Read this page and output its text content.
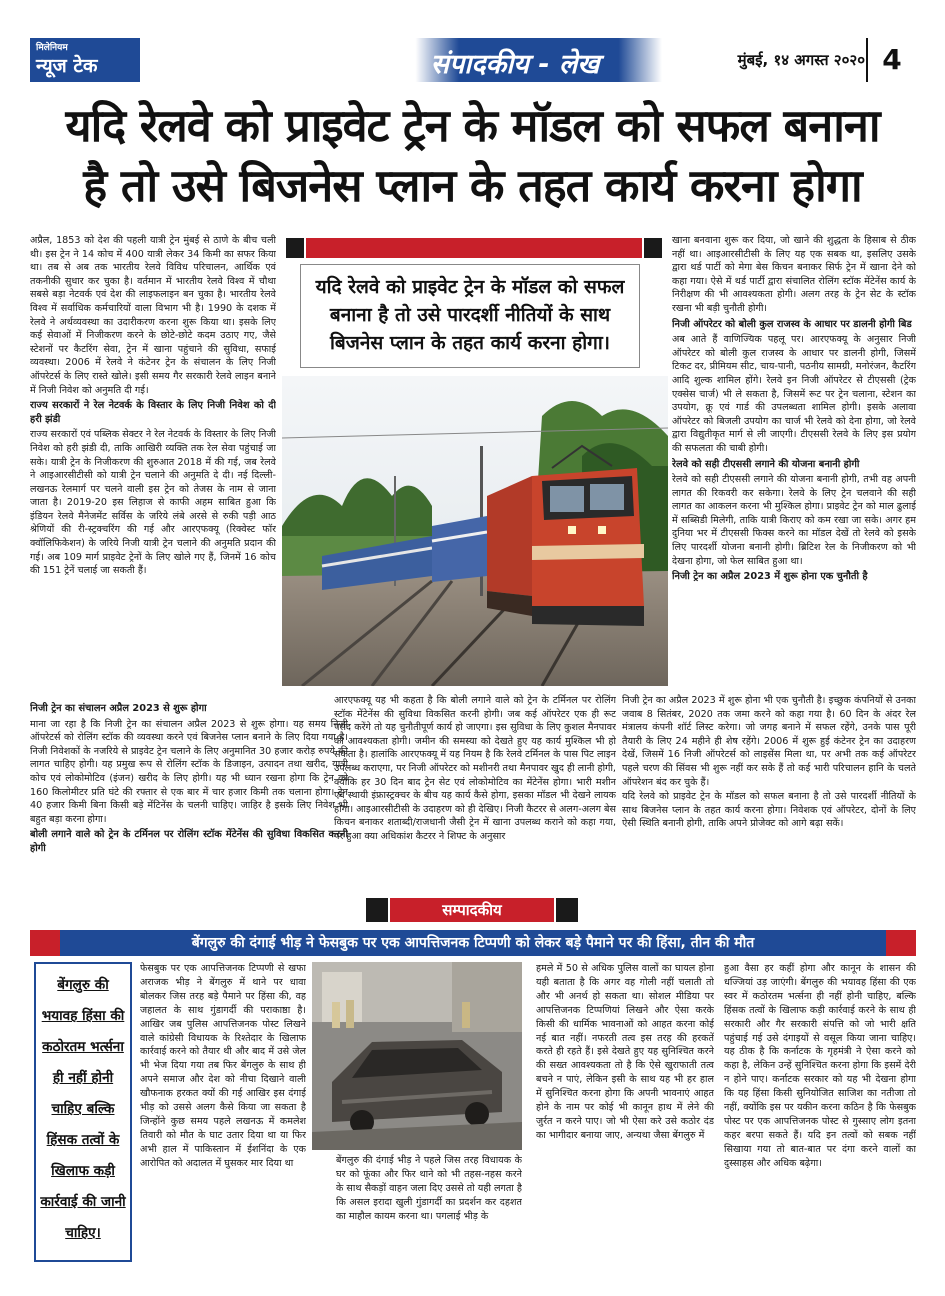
मिलेनियम
न्यूज टेक	संपादकीय - लेख	मुंबई, १४ अगस्त २०२० 4
यदि रेलवे को प्राइवेट ट्रेन के मॉडल को सफल बनाना
है तो उसे बिजनेस प्लान के तहत कार्य करना होगा

अप्रैल, 1853 को देश की पहली यात्री ट्रेन मुंबई से ठाणे के बीच चली थी। इस ट्रेन ने 14 कोच में 400 यात्री लेकर 34 किमी का सफर किया था। तब से अब तक भारतीय रेलवे विविध परिचालन, आर्थिक एवं तकनीकी सुधार कर चुका है। वर्तमान में भारतीय रेलवे विश्व में चौथा सबसे बड़ा नेटवर्क एवं देश की लाइफलाइन बन चुका है। भारतीय रेलवे विश्व में सर्वाधिक कर्मचारियों वाला विभाग भी है। 1990 के दशक में रेलवे ने अर्थव्यवस्था का उदारीकरण करना शुरू किया था। इसके लिए कई सेवाओं में निजीकरण करने के छोटे-छोटे कदम उठाए गए, जैसे स्टेशनों पर कैटरिंग सेवा, ट्रेन में खाना पहुंचाने की सुविधा, सफाई व्यवस्था। 2006 में रेलवे ने कंटेनर ट्रेन के संचालन के लिए निजी ऑपरेटर्स के लिए रास्ते खोले। इसी समय गैर सरकारी रेलवे लाइन बनाने में निजी निवेश को अनुमति दी गई।

राज्य सरकारों ने रेल नेटवर्क के विस्तार के लिए निजी निवेश को दी हरी झंडी

राज्य सरकारों एवं पब्लिक सेक्टर ने रेल नेटवर्क के विस्तार के लिए निजी निवेश को हरी झंडी दी, ताकि आखिरी व्यक्ति तक रेल सेवा पहुंचाई जा सके। यात्री ट्रेन के निजीकरण की शुरुआत 2018 में की गई, जब रेलवे ने आइआरसीटीसी को यात्री ट्रेन चलाने की अनुमति दे दी। नई दिल्ली-लखनऊ रेलमार्ग पर चलने वाली इस ट्रेन को तेजस के नाम से जाना जाता है। 2019-20 इस लिहाज से काफी अहम साबित हुआ कि इंडियन रेलवे मैनेजमेंट सर्विस के जरिये लंबे अरसे से रुकी पड़ी आठ श्रेणियों की री-स्ट्रक्चरिंग की गई और आरएफक्यू (रिक्वेस्ट फॉर क्वॉलिफिकेशन) के जरिये निजी यात्री ट्रेन चलाने की अनुमति प्रदान की गई। अब 109 मार्ग प्राइवेट ट्रेनों के लिए खोले गए हैं, जिनमें 16 कोच की 151 ट्रेनें चलाई जा सकती हैं।

निजी ट्रेन का संचालन अप्रैल 2023 से शुरू होगा

माना जा रहा है कि निजी ट्रेन का संचालन अप्रैल 2023 से शुरू होगा। यह समय निजी ऑपरेटर्स को रोलिंग स्टॉक की व्यवस्था करने एवं बिजनेस प्लान बनाने के लिए दिया गया है। निजी निवेशकों के नजरिये से प्राइवेट ट्रेन चलाने के लिए अनुमानित 30 हजार करोड़ रुपये की लागत चाहिए होगी। यह प्रमुख रूप से रोलिंग स्टॉक के डिजाइन, उत्पादन तथा खरीद, यात्री कोच एवं लोकोमोटिव (इंजन) खरीद के लिए होगी। यह भी ध्यान रखना होगा कि ट्रेन को 160 किलोमीटर प्रति घंटे की रफ्तार से एक बार में चार हजार किमी तक चलाना होगा। ट्रेन 40 हजार किमी बिना किसी बड़े मेंटिनेंस के चलनी चाहिए। जाहिर है इसके लिए निवेश भी बहुत बड़ा करना होगा।

बोली लगाने वाले को ट्रेन के टर्मिनल पर रोलिंग स्टॉक मेंटेनेंस की सुविधा विकसित करनी होगी
यदि रेलवे को प्राइवेट ट्रेन के मॉडल को सफल
बनाना है तो उसे पारदर्शी नीतियों के साथ
बिजनेस प्लान के तहत कार्य करना होगा।

आरएफक्यू यह भी कहता है कि बोली लगाने वाले को ट्रेन के टर्मिनल पर रोलिंग स्टॉक मेंटेनेंस की सुविधा विकसित करनी होगी। जब कई ऑपरेटर एक ही रूट पसंद करेंगे तो यह चुनौतीपूर्ण कार्य हो जाएगा। इस सुविधा के लिए कुशल मैनपावर की आवश्यकता होगी। जमीन की समस्या को देखते हुए यह कार्य मुश्किल भी हो सकता है। हालांकि आरएफक्यू में यह नियम है कि रेलवे टर्मिनल के पास पिट लाइन उपलब्ध कराएगा, पर निजी ऑपरेटर को मशीनरी तथा मैनपावर खुद ही लानी होगी, क्योंकि हर 30 दिन बाद ट्रेन सेट एवं लोकोमोटिव का मेंटेनेंस होगा। भारी मशीन एवं स्थायी इंफ्रास्ट्रक्चर के बीच यह कार्य कैसे होगा, इसका मॉडल भी देखने लायक होगा। आइआरसीटीसी के उदाहरण को ही देखिए। निजी कैटरर से अलग-अलग बेस किचन बनाकर शताब्दी/राजधानी जैसी ट्रेन में खाना उपलब्ध कराने को कहा गया, पर हुआ क्या अधिकांश कैटरर ने शिफ्ट के अनुसार

खाना बनवाना शुरू कर दिया, जो खाने की शुद्धता के हिसाब से ठीक नहीं था। आइआरसीटीसी के लिए यह एक सबक था, इसलिए उसके द्वारा थर्ड पार्टी को मेगा बेस किचन बनाकर सिर्फ ट्रेन में खाना देने को कहा गया। ऐसे में थर्ड पार्टी द्वारा संचालित रोलिंग स्टॉक मेंटेनेंस कार्य के निरीक्षण की भी आवश्यकता होगी। अलग तरह के ट्रेन सेट के स्टॉक रखना भी बड़ी चुनौती होगी।

निजी ऑपरेटर को बोली कुल राजस्व के आधार पर डालनी होगी बिड

अब आते हैं वाणिज्यिक पहलू पर। आरएफक्यू के अनुसार निजी ऑपरेटर को बोली कुल राजस्व के आधार पर डालनी होगी, जिसमें टिकट दर, प्रीमियम सीट, चाय-पानी, पठनीय सामग्री, मनोरंजन, कैटरिंग आदि शुल्क शामिल होंगे। रेलवे इन निजी ऑपरेटर से टीएससी (ट्रेक एक्सेस चार्ज) भी ले सकता है, जिसमें रूट पर ट्रेन चलाना, स्टेशन का उपयोग, क्रू एवं गार्ड की उपलब्धता शामिल होगी। इसके अलावा ऑपरेटर को बिजली उपयोग का चार्ज भी रेलवे को देना होगा, जो रेलवे द्वारा विद्युतीकृत मार्ग से ली जाएगी। टीएससी रेलवे के लिए इस प्रयोग की सफलता की चाबी होगी।

रेलवे को सही टीएससी लगाने की योजना बनानी होगी

रेलवे को सही टीएससी लगाने की योजना बनानी होगी, तभी वह अपनी लागत की रिकवरी कर सकेगा। रेलवे के लिए ट्रेन चलवाने की सही लागत का आकलन करना भी मुश्किल होगा। प्राइवेट ट्रेन को माल ढुलाई में सब्सिडी मिलेगी, ताकि यात्री किराए को कम रखा जा सके। अगर हम दुनिया भर में टीएससी फिक्स करने का मॉडल देखें तो रेलवे को इसके लिए पारदर्शी योजना बनानी होगी। ब्रिटिश रेल के निजीकरण को भी देखना होगा, जो फेल साबित हुआ था।

निजी ट्रेन का अप्रैल 2023 में शुरू होना एक चुनौती है

निजी ट्रेन का अप्रैल 2023 में शुरू होना भी एक चुनौती है। इच्छुक कंपनियों से उनका जवाब 8 सितंबर, 2020 तक जमा करने को कहा गया है। 60 दिन के अंदर रेल मंत्रालय कंपनी शॉर्ट लिस्ट करेगा। जो जगह बनाने में सफल रहेंगे, उनके पास पूरी तैयारी के लिए 24 महीने ही शेष रहेंगे। 2006 में शुरू हुई कंटेनर ट्रेन का उदाहरण देखें, जिसमें 16 निजी ऑपरेटर्स को लाइसेंस मिला था, पर अभी तक कई ऑपरेटर पहले चरण की सिंवस भी शुरू नहीं कर सके हैं तो कई भारी परिचालन हानि के चलते ऑपरेशन बंद कर चुके हैं।

यदि रेलवे को प्राइवेट ट्रेन के मॉडल को सफल बनाना है तो उसे पारदर्शी नीतियों के साथ बिजनेस प्लान के तहत कार्य करना होगा। निवेशक एवं ऑपरेटर, दोनों के लिए ऐसी स्थिति बनानी होगी, ताकि अपने प्रोजेक्ट को आगे बढ़ा सकें।

सम्पादकीय
बेंगलुरु की दंगाई भीड़ ने फेसबुक पर एक आपत्तिजनक टिप्पणी को लेकर बड़े पैमाने पर की हिंसा, तीन की मौत
बेंगलुरु की भयावह हिंसा की कठोरतम भर्त्सना ही नहीं होनी चाहिए बल्कि हिंसक तत्वों के खिलाफ कड़ी कार्रवाई की जानी चाहिए।
फेसबुक पर एक आपत्तिजनक टिप्पणी से खफा अराजक भीड़ ने बेंगलुरु में थाने पर धावा बोलकर जिस तरह बड़े पैमाने पर हिंसा की, वह जहालत के साथ गुंडागर्दी की पराकाष्ठा है। आखिर जब पुलिस आपत्तिजनक पोस्ट लिखने वाले कांग्रेसी विधायक के रिश्तेदार के खिलाफ कार्रवाई करने को तैयार थी और बाद में उसे जेल भी भेज दिया गया तब फिर बेंगलुरु के साथ ही अपने समाज और देश को नीचा दिखाने वाली खौफनाक हरकत क्यों की गई आखिर इस दंगाई भीड़ को उससे अलग कैसे किया जा सकता है जिन्होंने कुछ समय पहले लखनऊ में कमलेश तिवारी को मौत के घाट उतार दिया था या फिर अभी हाल में पाकिस्तान में ईशनिंदा के एक आरोपित को अदालत में घुसकर मार दिया था	बेंगलुरु की दंगाई भीड़ ने पहले जिस तरह विधायक के घर को फूंका और फिर थाने को भी तहस-नहस करने के साथ सैकड़ों वाहन जला दिए उससे तो यही लगता है कि असल इरादा खुली गुंडागर्दी का प्रदर्शन कर दहशत का माहौल कायम करना था। पगलाई भीड़ के
हमले में 50 से अधिक पुलिस वालों का घायल होना यही बताता है कि अगर वह गोली नहीं चलाती तो और भी अनर्थ हो सकता था। सोशल मीडिया पर आपत्तिजनक टिप्पणियां लिखने और ऐसा करके किसी की धार्मिक भावनाओं को आहत करना कोई नई बात नहीं। नफरती तत्व इस तरह की हरकतें करते ही रहते हैं। इसे देखते हुए यह सुनिश्चित करने की सख्त आवश्यकता तो है कि ऐसे खुराफाती तत्व बचने न पाएं, लेकिन इसी के साथ यह भी हर हाल में सुनिश्चित करना होगा कि अपनी भावनाएं आहत होने के नाम पर कोई भी कानून हाथ में लेने की जुर्रत न करने पाए। जो भी ऐसा करे उसे कठोर दंड का भागीदार बनाया जाए, अन्यथा जैसा बेंगलुरु में
हुआ वैसा हर कहीं होगा और कानून के शासन की धज्जियां उड़ जाएंगी। बेंगलुरु की भयावह हिंसा की एक स्वर में कठोरतम भर्त्सना ही नहीं होनी चाहिए, बल्कि हिंसक तत्वों के खिलाफ कड़ी कार्रवाई करने के साथ ही सरकारी और गैर सरकारी संपत्ति को जो भारी क्षति पहुंचाई गई उसे दंगाइयों से वसूल किया जाना चाहिए। यह ठीक है कि कर्नाटक के गृहमंत्री ने ऐसा करने को कहा है, लेकिन उन्हें सुनिश्चित करना होगा कि इसमें देरी न होने पाए। कर्नाटक सरकार को यह भी देखना होगा कि यह हिंसा किसी सुनियोजित साजिश का नतीजा तो नहीं, क्योंकि इस पर यकीन करना कठिन है कि फेसबुक पोस्ट पर एक आपत्तिजनक पोस्ट से गुस्साए लोग इतना कहर बरपा सकते हैं। यदि इन तत्वों को सबक नहीं सिखाया गया तो बात-बात पर दंगा करने वालों का दुस्साहस और अधिक बढ़ेगा।
